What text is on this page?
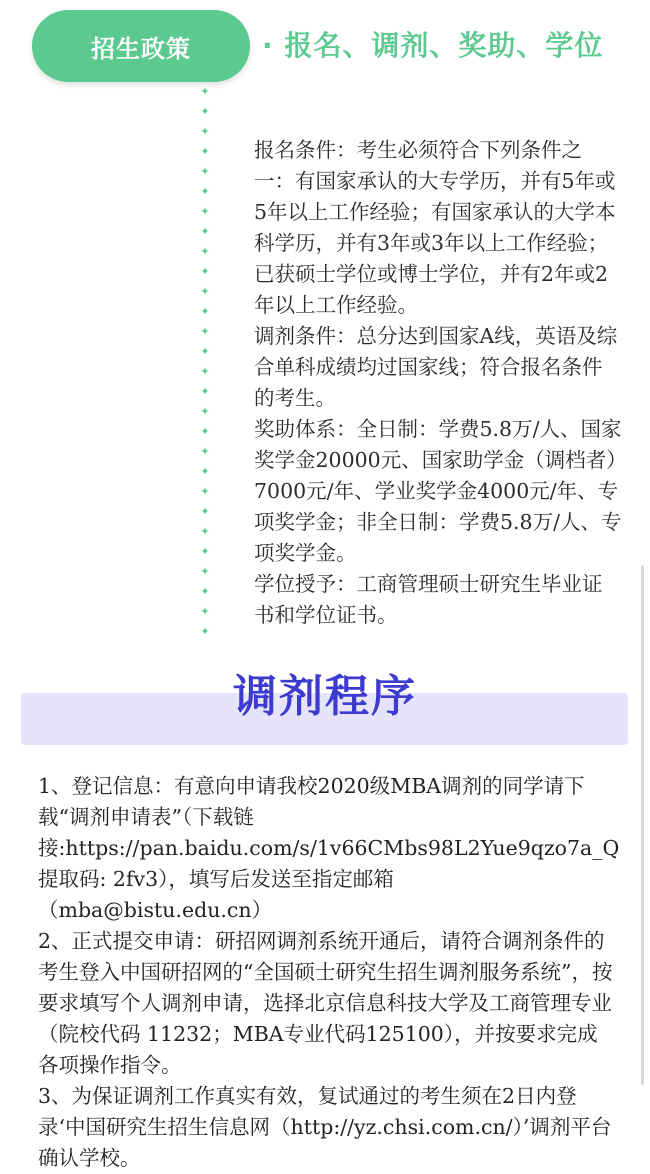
招生政策	· 报名、调剂、奖助、学位
✦
✦
✦
✦
✦
✦
✦
✦
✦
✦
✦
✦
✦
✦
✦
✦
✦
✦
✦
✦
✦
✦
✦
✦
✦
✦
✦
✦

报名条件：考生必须符合下列条件之一：有国家承认的大专学历，并有5年或5年以上工作经验；有国家承认的大学本科学历，并有3年或3年以上工作经验；已获硕士学位或博士学位，并有2年或2年以上工作经验。

调剂条件：总分达到国家A线，英语及综合单科成绩均过国家线；符合报名条件的考生。

奖助体系：全日制：学费5.8万/人、国家奖学金20000元、国家助学金（调档者）7000元/年、学业奖学金4000元/年、专项奖学金；非全日制：学费5.8万/人、专项奖学金。

学位授予：工商管理硕士研究生毕业证书和学位证书。

调剂程序

1、登记信息：有意向申请我校2020级MBA调剂的同学请下载“调剂申请表”（下载链接:https://pan.baidu.com/s/1v66CMbs98L2Yue9qzo7a_Q 提取码: 2fv3），填写后发送至指定邮箱（mba@bistu.edu.cn）

2、正式提交申请：研招网调剂系统开通后，请符合调剂条件的考生登入中国研招网的“全国硕士研究生招生调剂服务系统”，按要求填写个人调剂申请，选择北京信息科技大学及工商管理专业（院校代码 11232；MBA专业代码125100），并按要求完成各项操作指令。

3、为保证调剂工作真实有效，复试通过的考生须在2日内登录‘中国研究生招生信息网（http://yz.chsi.com.cn/）’调剂平台确认学校。
